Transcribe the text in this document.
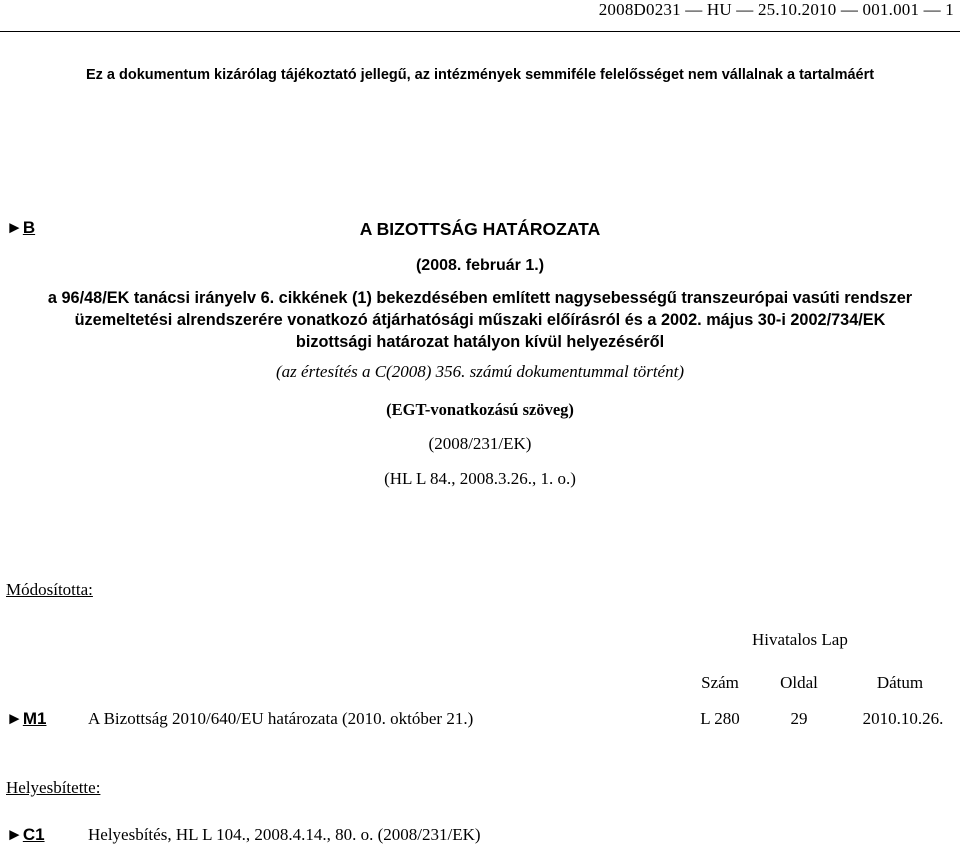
2008D0231 — HU — 25.10.2010 — 001.001 — 1
Ez a dokumentum kizárólag tájékoztató jellegű, az intézmények semmiféle felelősséget nem vállalnak a tartalmáért
►B	A BIZOTTSÁG HATÁROZATA
(2008. február 1.)
a 96/48/EK tanácsi irányelv 6. cikkének (1) bekezdésében említett nagysebességű transzeurópai vasúti rendszer üzemeltetési alrendszerére vonatkozó átjárhatósági műszaki előírásról és a 2002. május 30-i 2002/734/EK bizottsági határozat hatályon kívül helyezéséről
(az értesítés a C(2008) 356. számú dokumentummal történt)
(EGT-vonatkozású szöveg)
(2008/231/EK)
(HL L 84., 2008.3.26., 1. o.)
Módosította:
Hivatalos Lap
Szám	Oldal	Dátum
►M1 A Bizottság 2010/640/EU határozata (2010. október 21.)	L 280	29	2010.10.26.
Helyesbítette:
►C1	Helyesbítés, HL L 104., 2008.4.14., 80. o. (2008/231/EK)
